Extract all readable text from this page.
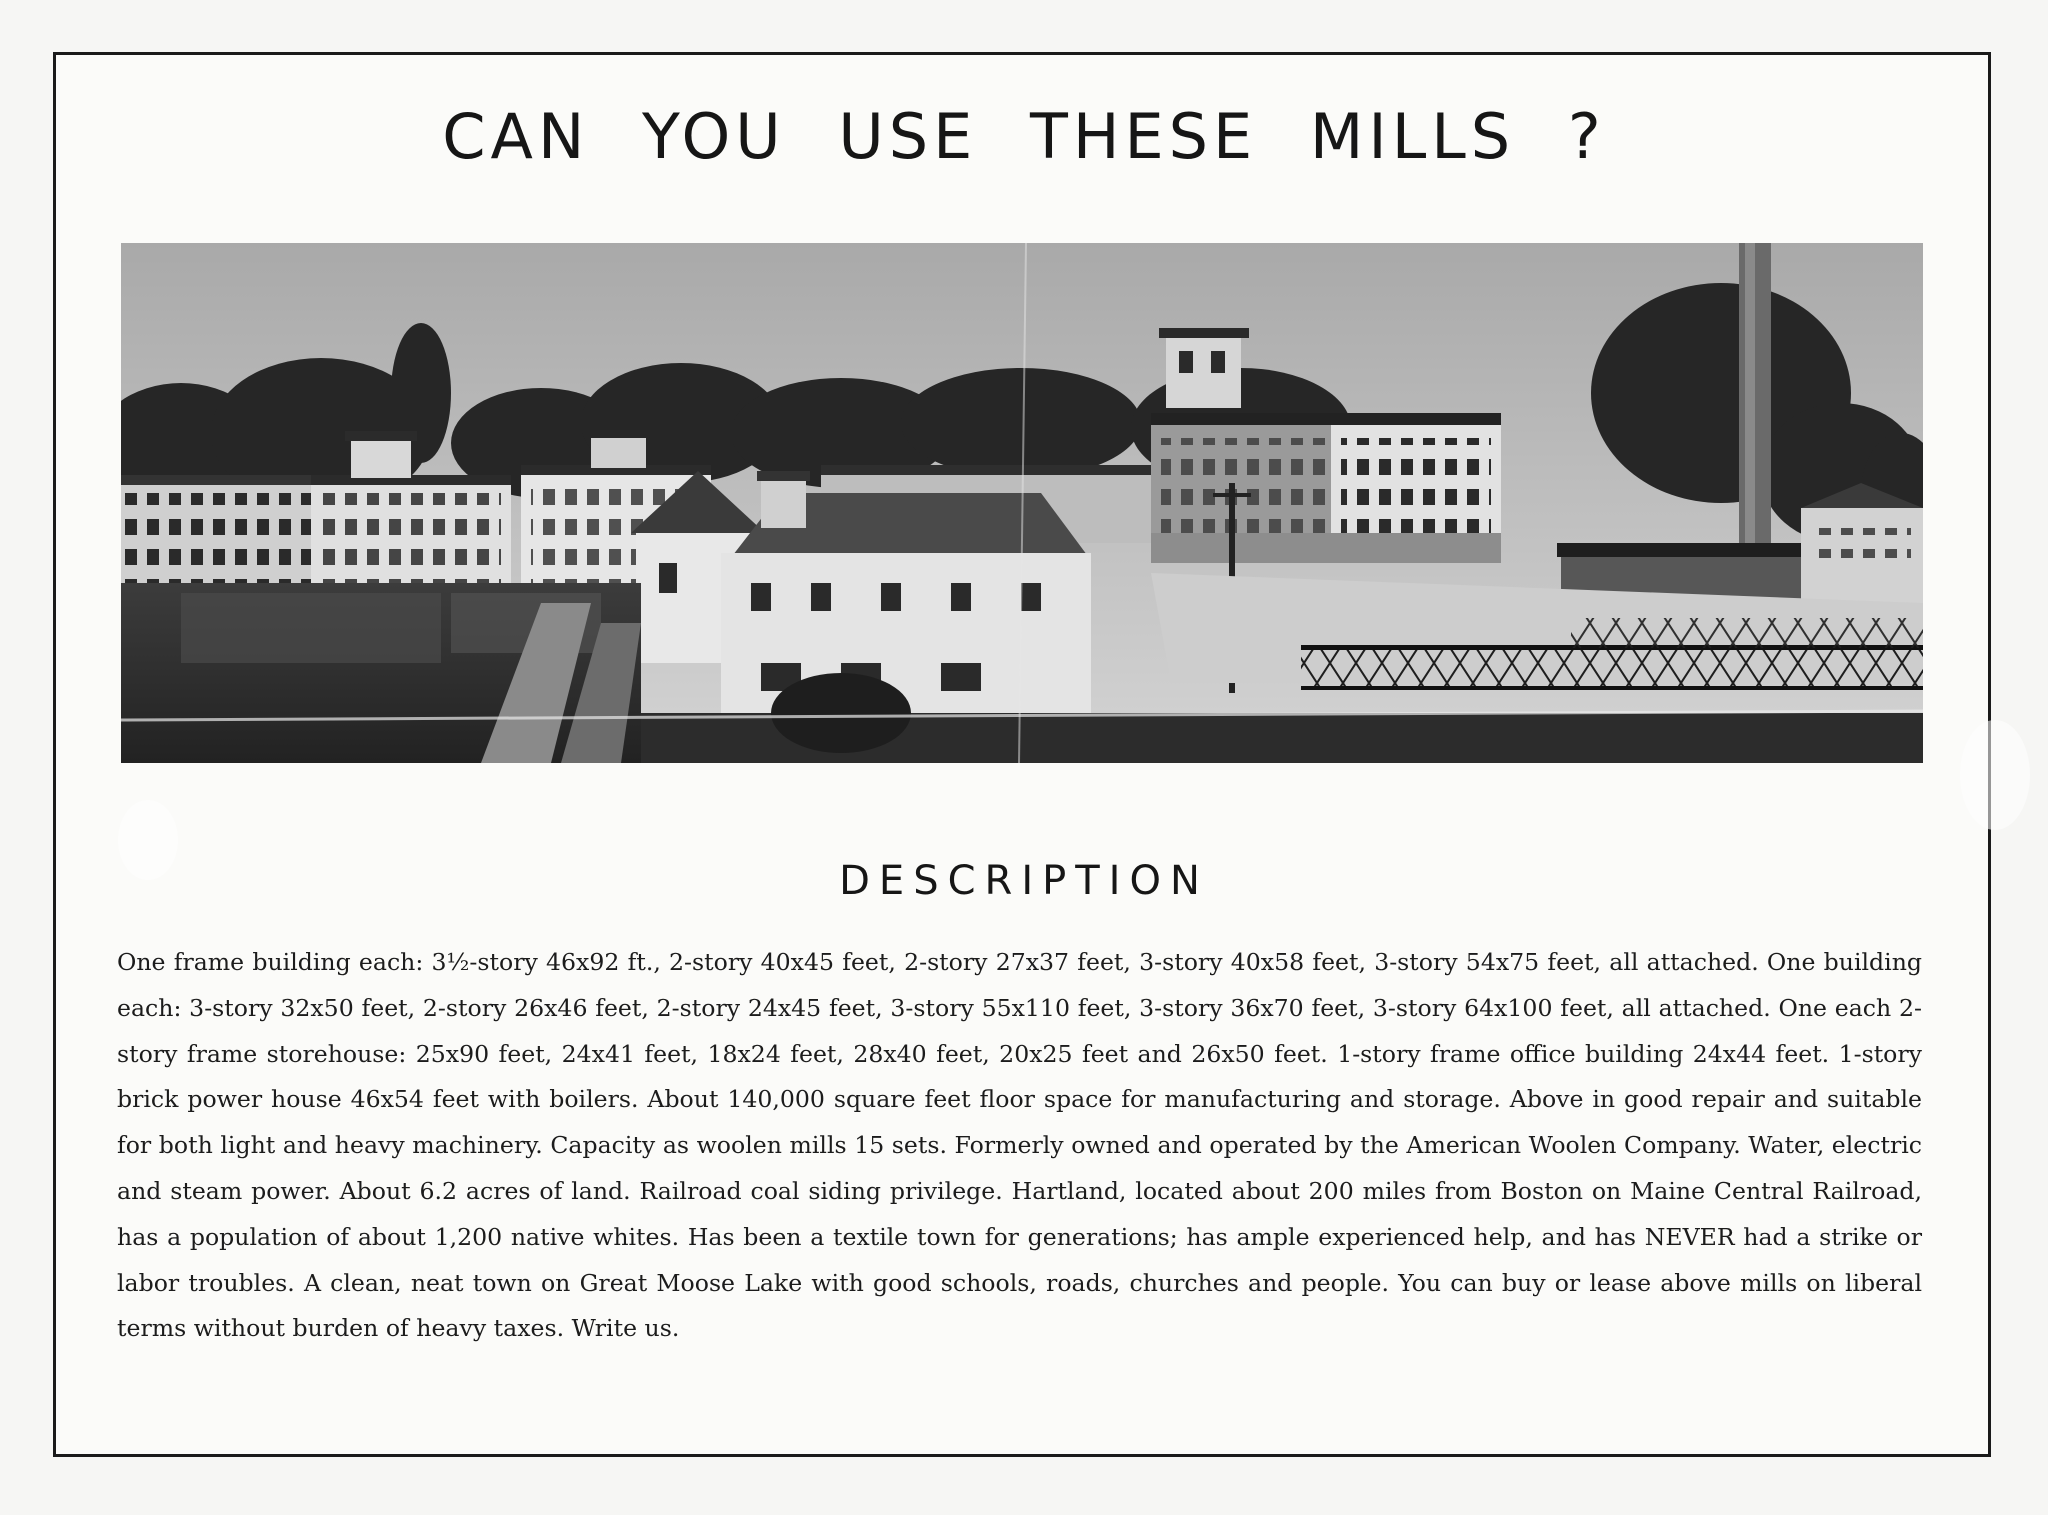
CAN YOU USE THESE MILLS ?
DESCRIPTION
One frame building each: 3½-story 46x92 ft., 2-story 40x45 feet, 2-story 27x37 feet, 3-story 40x58 feet, 3-story 54x75 feet, all attached. One building each: 3-story 32x50 feet, 2-story 26x46 feet, 2-story 24x45 feet, 3-story 55x110 feet, 3-story 36x70 feet, 3-story 64x100 feet, all attached. One each 2-story frame storehouse: 25x90 feet, 24x41 feet, 18x24 feet, 28x40 feet, 20x25 feet and 26x50 feet. 1-story frame office building 24x44 feet. 1-story brick power house 46x54 feet with boilers. About 140,000 square feet floor space for manufacturing and storage. Above in good repair and suitable for both light and heavy machinery. Capacity as woolen mills 15 sets. Formerly owned and operated by the American Woolen Company. Water, electric and steam power. About 6.2 acres of land. Railroad coal siding privilege. Hartland, located about 200 miles from Boston on Maine Central Railroad, has a population of about 1,200 native whites. Has been a textile town for generations; has ample experienced help, and has NEVER had a strike or labor troubles. A clean, neat town on Great Moose Lake with good schools, roads, churches and people. You can buy or lease above mills on liberal terms without burden of heavy taxes. Write us.
